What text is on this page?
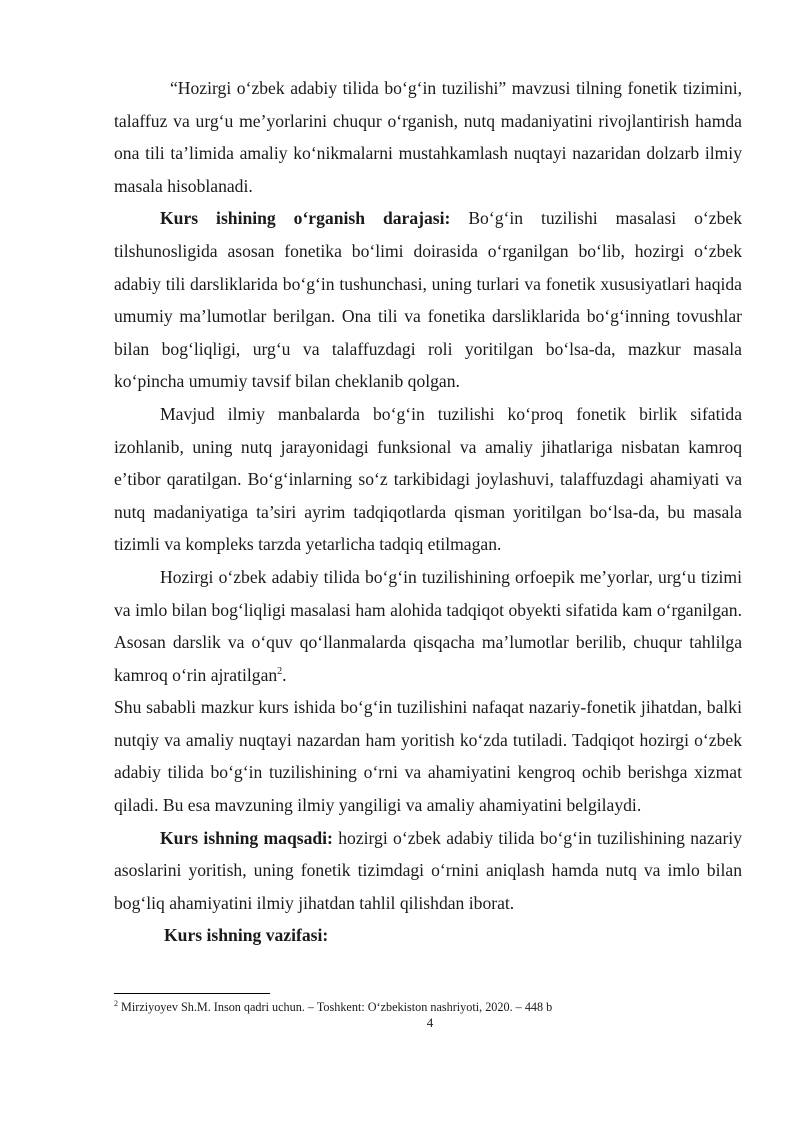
“Hozirgi o‘zbek adabiy tilida bo‘g‘in tuzilishi” mavzusi tilning fonetik tizimini, talaffuz va urg‘u me’yorlarini chuqur o‘rganish, nutq madaniyatini rivojlantirish hamda ona tili ta’limida amaliy ko‘nikmalarni mustahkamlash nuqtayi nazaridan dolzarb ilmiy masala hisoblanadi.

Kurs ishining o‘rganish darajasi: Bo‘g‘in tuzilishi masalasi o‘zbek tilshunosligida asosan fonetika bo‘limi doirasida o‘rganilgan bo‘lib, hozirgi o‘zbek adabiy tili darsliklarida bo‘g‘in tushunchasi, uning turlari va fonetik xususiyatlari haqida umumiy ma’lumotlar berilgan. Ona tili va fonetika darsliklarida bo‘g‘inning tovushlar bilan bog‘liqligi, urg‘u va talaffuzdagi roli yoritilgan bo‘lsa-da, mazkur masala ko‘pincha umumiy tavsif bilan cheklanib qolgan.

Mavjud ilmiy manbalarda bo‘g‘in tuzilishi ko‘proq fonetik birlik sifatida izohlanib, uning nutq jarayonidagi funksional va amaliy jihatlariga nisbatan kamroq e’tibor qaratilgan. Bo‘g‘inlarning so‘z tarkibidagi joylashuvi, talaffuzdagi ahamiyati va nutq madaniyatiga ta’siri ayrim tadqiqotlarda qisman yoritilgan bo‘lsa-da, bu masala tizimli va kompleks tarzda yetarlicha tadqiq etilmagan.

Hozirgi o‘zbek adabiy tilida bo‘g‘in tuzilishining orfoepik me’yorlar, urg‘u tizimi va imlo bilan bog‘liqligi masalasi ham alohida tadqiqot obyekti sifatida kam o‘rganilgan. Asosan darslik va o‘quv qo‘llanmalarda qisqacha ma’lumotlar berilib, chuqur tahlilga kamroq o‘rin ajratilgan$^2$.

Shu sababli mazkur kurs ishida bo‘g‘in tuzilishini nafaqat nazariy-fonetik jihatdan, balki nutqiy va amaliy nuqtayi nazardan ham yoritish ko‘zda tutiladi. Tadqiqot hozirgi o‘zbek adabiy tilida bo‘g‘in tuzilishining o‘rni va ahamiyatini kengroq ochib berishga xizmat qiladi. Bu esa mavzuning ilmiy yangiligi va amaliy ahamiyatini belgilaydi.

Kurs ishning maqsadi: hozirgi o‘zbek adabiy tilida bo‘g‘in tuzilishining nazariy asoslarini yoritish, uning fonetik tizimdagi o‘rnini aniqlash hamda nutq va imlo bilan bog‘liq ahamiyatini ilmiy jihatdan tahlil qilishdan iborat.

Kurs ishning vazifasi:

$^2$ Mirziyoyev Sh.M. Inson qadri uchun. – Toshkent: O‘zbekiston nashriyoti, 2020. – 448 b
4
